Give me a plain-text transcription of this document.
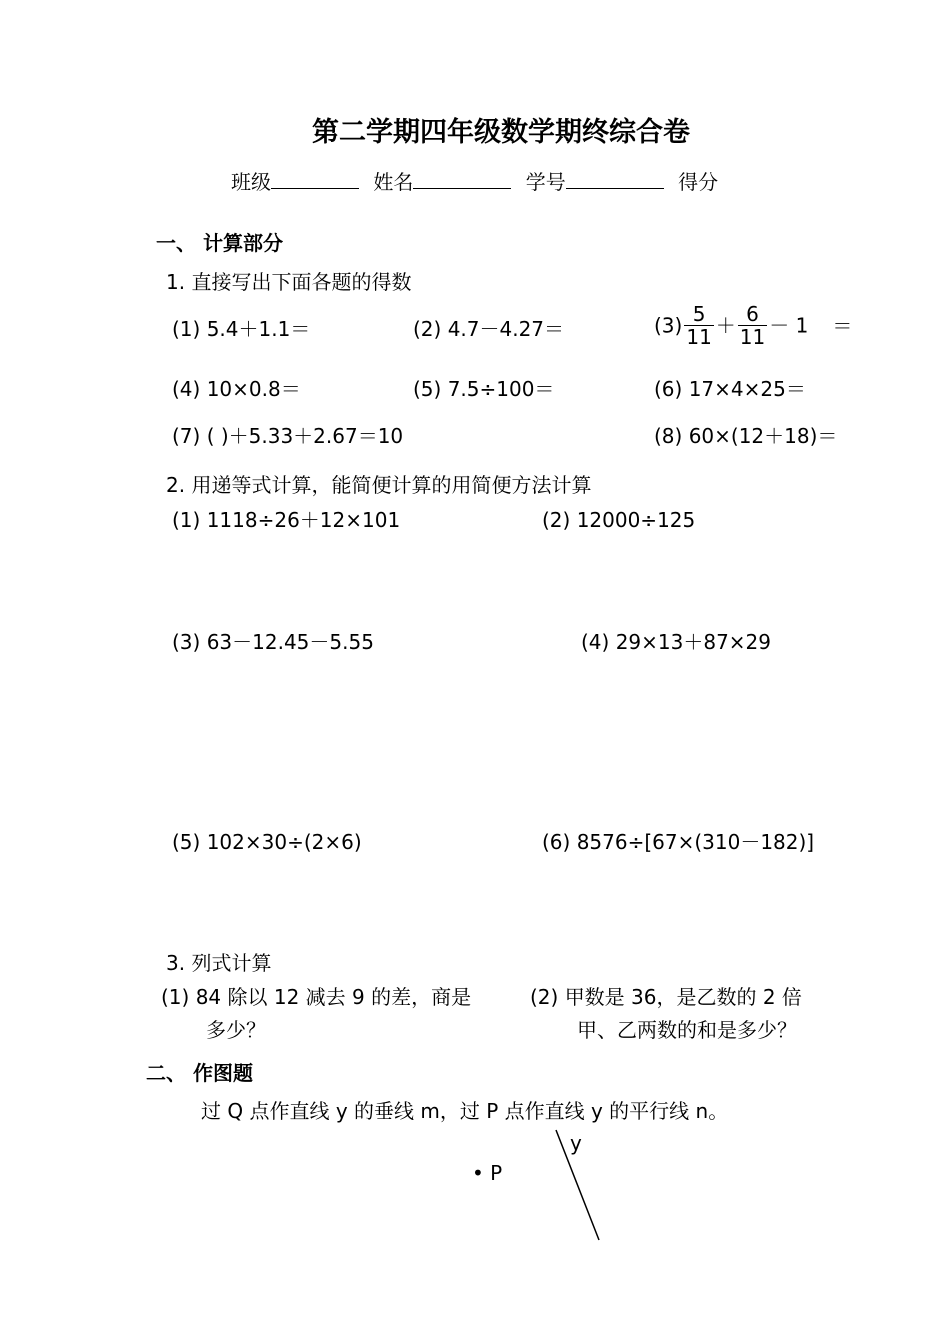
第二学期四年级数学期终综合卷
班级	姓名	学号	得分
一、 计算部分
1. 直接写出下面各题的得数
(1) 5.4＋1.1＝	(2) 4.7－4.27＝	$(3) \frac{5}{11} + \frac{6}{11} - 1$ ＝
(4) 10×0.8＝	(5) 7.5÷100＝	(6) 17×4×25＝
(7) ( )＋5.33＋2.67＝10	(8) 60×(12＋18)＝
2. 用递等式计算，能简便计算的用简便方法计算
(1) 1118÷26＋12×101	(2) 12000÷125
(3) 63－12.45－5.55	(4) 29×13＋87×29
(5) 102×30÷(2×6)	(6) 8576÷[67×(310－182)]
3. 列式计算
(1) 84 除以 12 减去 9 的差，商是
多少？
(2) 甲数是 36，是乙数的 2 倍
甲、乙两数的和是多少？
二、 作图题
过 Q 点作直线 y 的垂线 m，过 P 点作直线 y 的平行线 n。
• P
y
